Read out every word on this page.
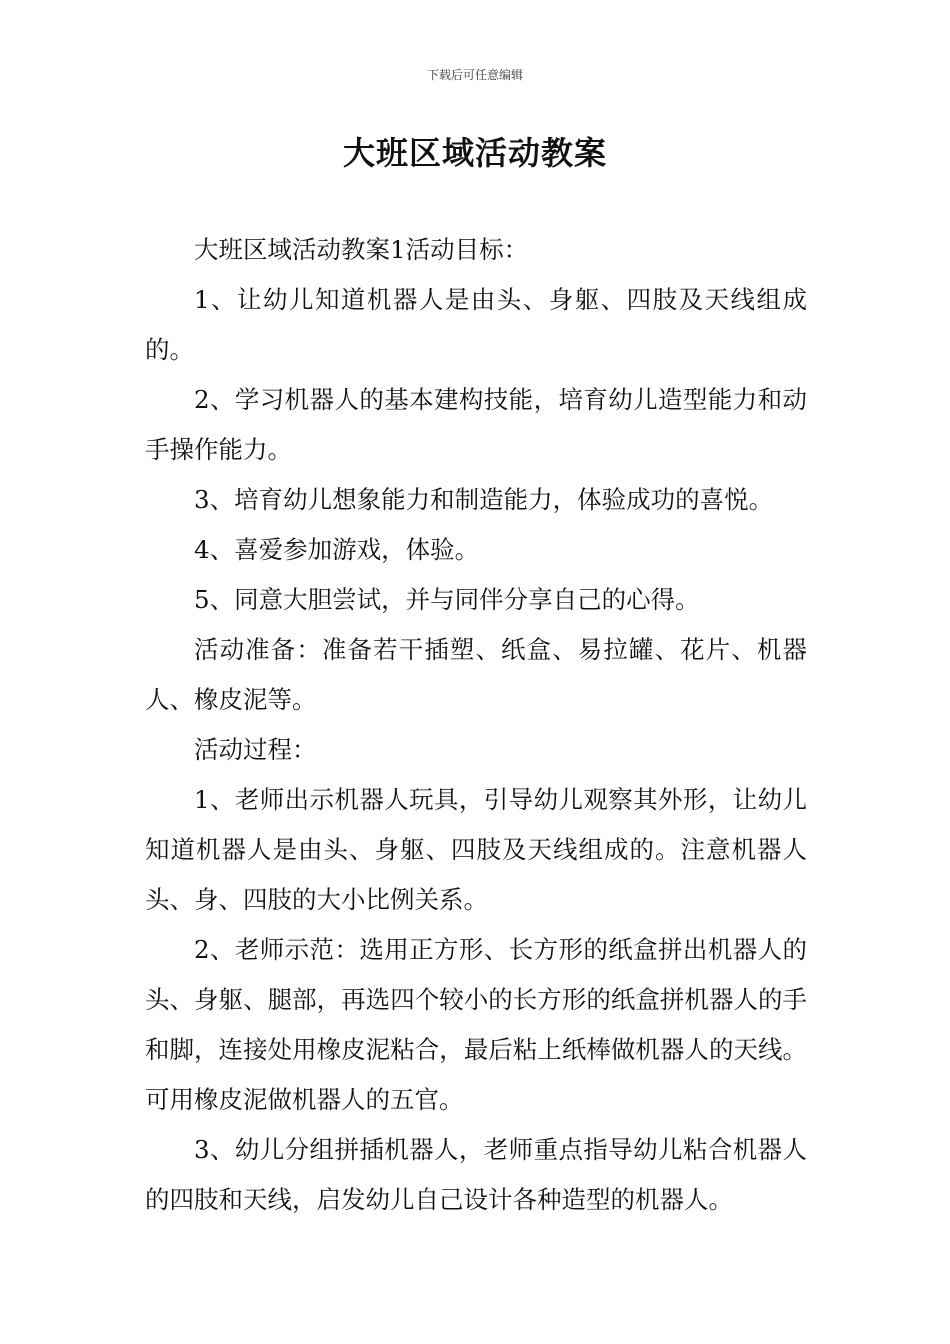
下载后可任意编辑
大班区域活动教案

大班区域活动教案1活动目标：

1、让幼儿知道机器人是由头、身躯、四肢及天线组成的。

2、学习机器人的基本建构技能，培育幼儿造型能力和动手操作能力。

3、培育幼儿想象能力和制造能力，体验成功的喜悦。

4、喜爱参加游戏，体验。

5、同意大胆尝试，并与同伴分享自己的心得。

活动准备：准备若干插塑、纸盒、易拉罐、花片、机器人、橡皮泥等。

活动过程：

1、老师出示机器人玩具，引导幼儿观察其外形，让幼儿知道机器人是由头、身躯、四肢及天线组成的。注意机器人头、身、四肢的大小比例关系。

2、老师示范：选用正方形、长方形的纸盒拼出机器人的头、身躯、腿部，再选四个较小的长方形的纸盒拼机器人的手和脚，连接处用橡皮泥粘合，最后粘上纸棒做机器人的天线。可用橡皮泥做机器人的五官。

3、幼儿分组拼插机器人，老师重点指导幼儿粘合机器人的四肢和天线，启发幼儿自己设计各种造型的机器人。
